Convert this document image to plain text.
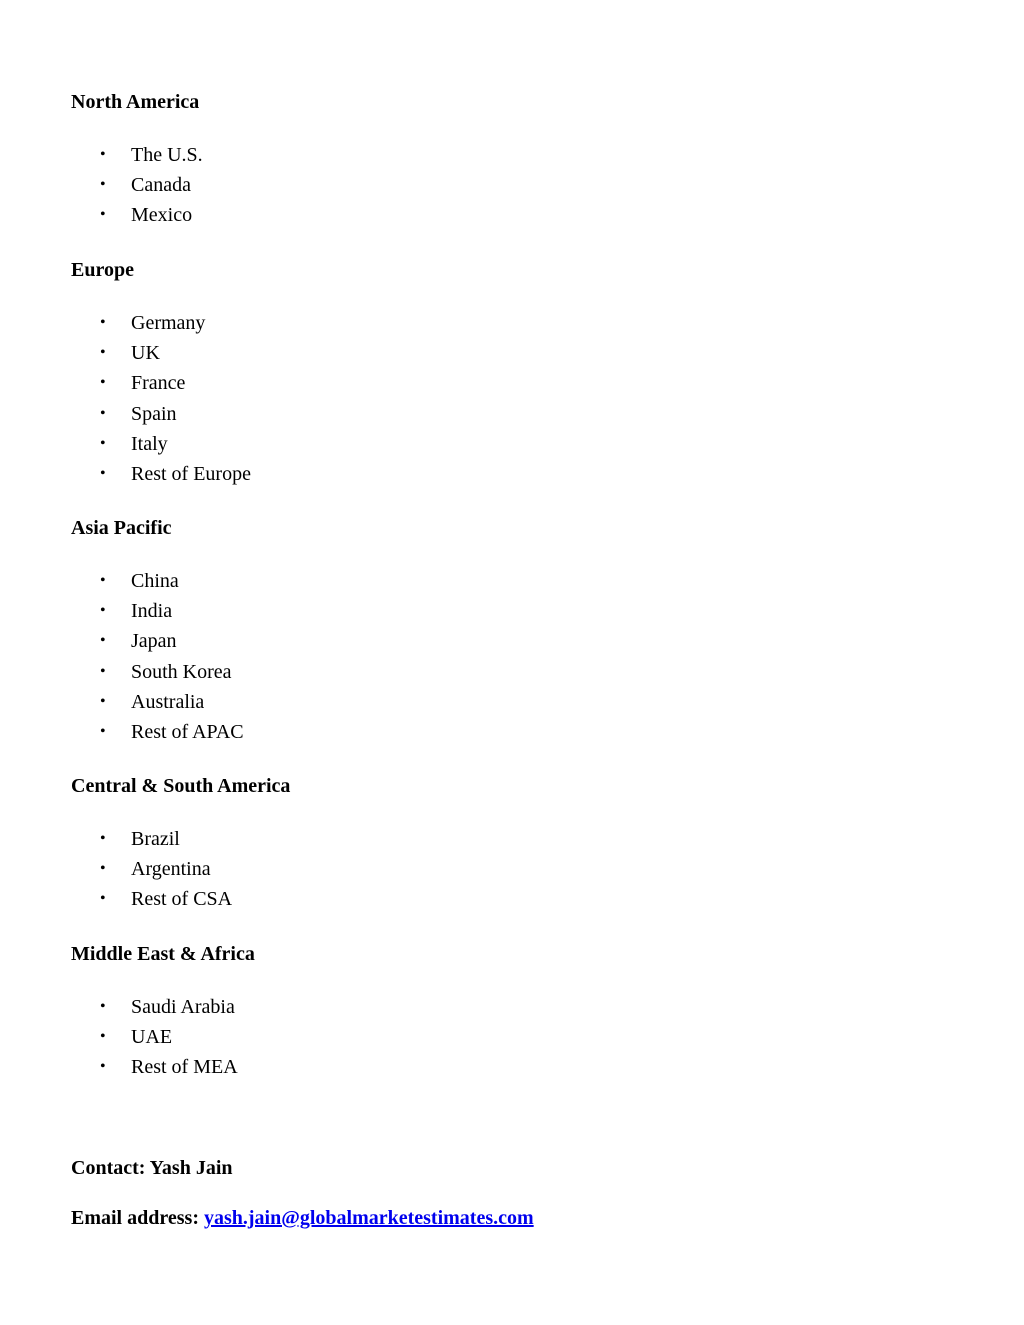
North America
• The U.S.
• Canada
• Mexico
Europe
• Germany
• UK
• France
• Spain
• Italy
• Rest of Europe
Asia Pacific
• China
• India
• Japan
• South Korea
• Australia
• Rest of APAC
Central & South America
• Brazil
• Argentina
• Rest of CSA
Middle East & Africa
• Saudi Arabia
• UAE
• Rest of MEA

Contact: Yash Jain

Email address: yash.jain@globalmarketestimates.com
